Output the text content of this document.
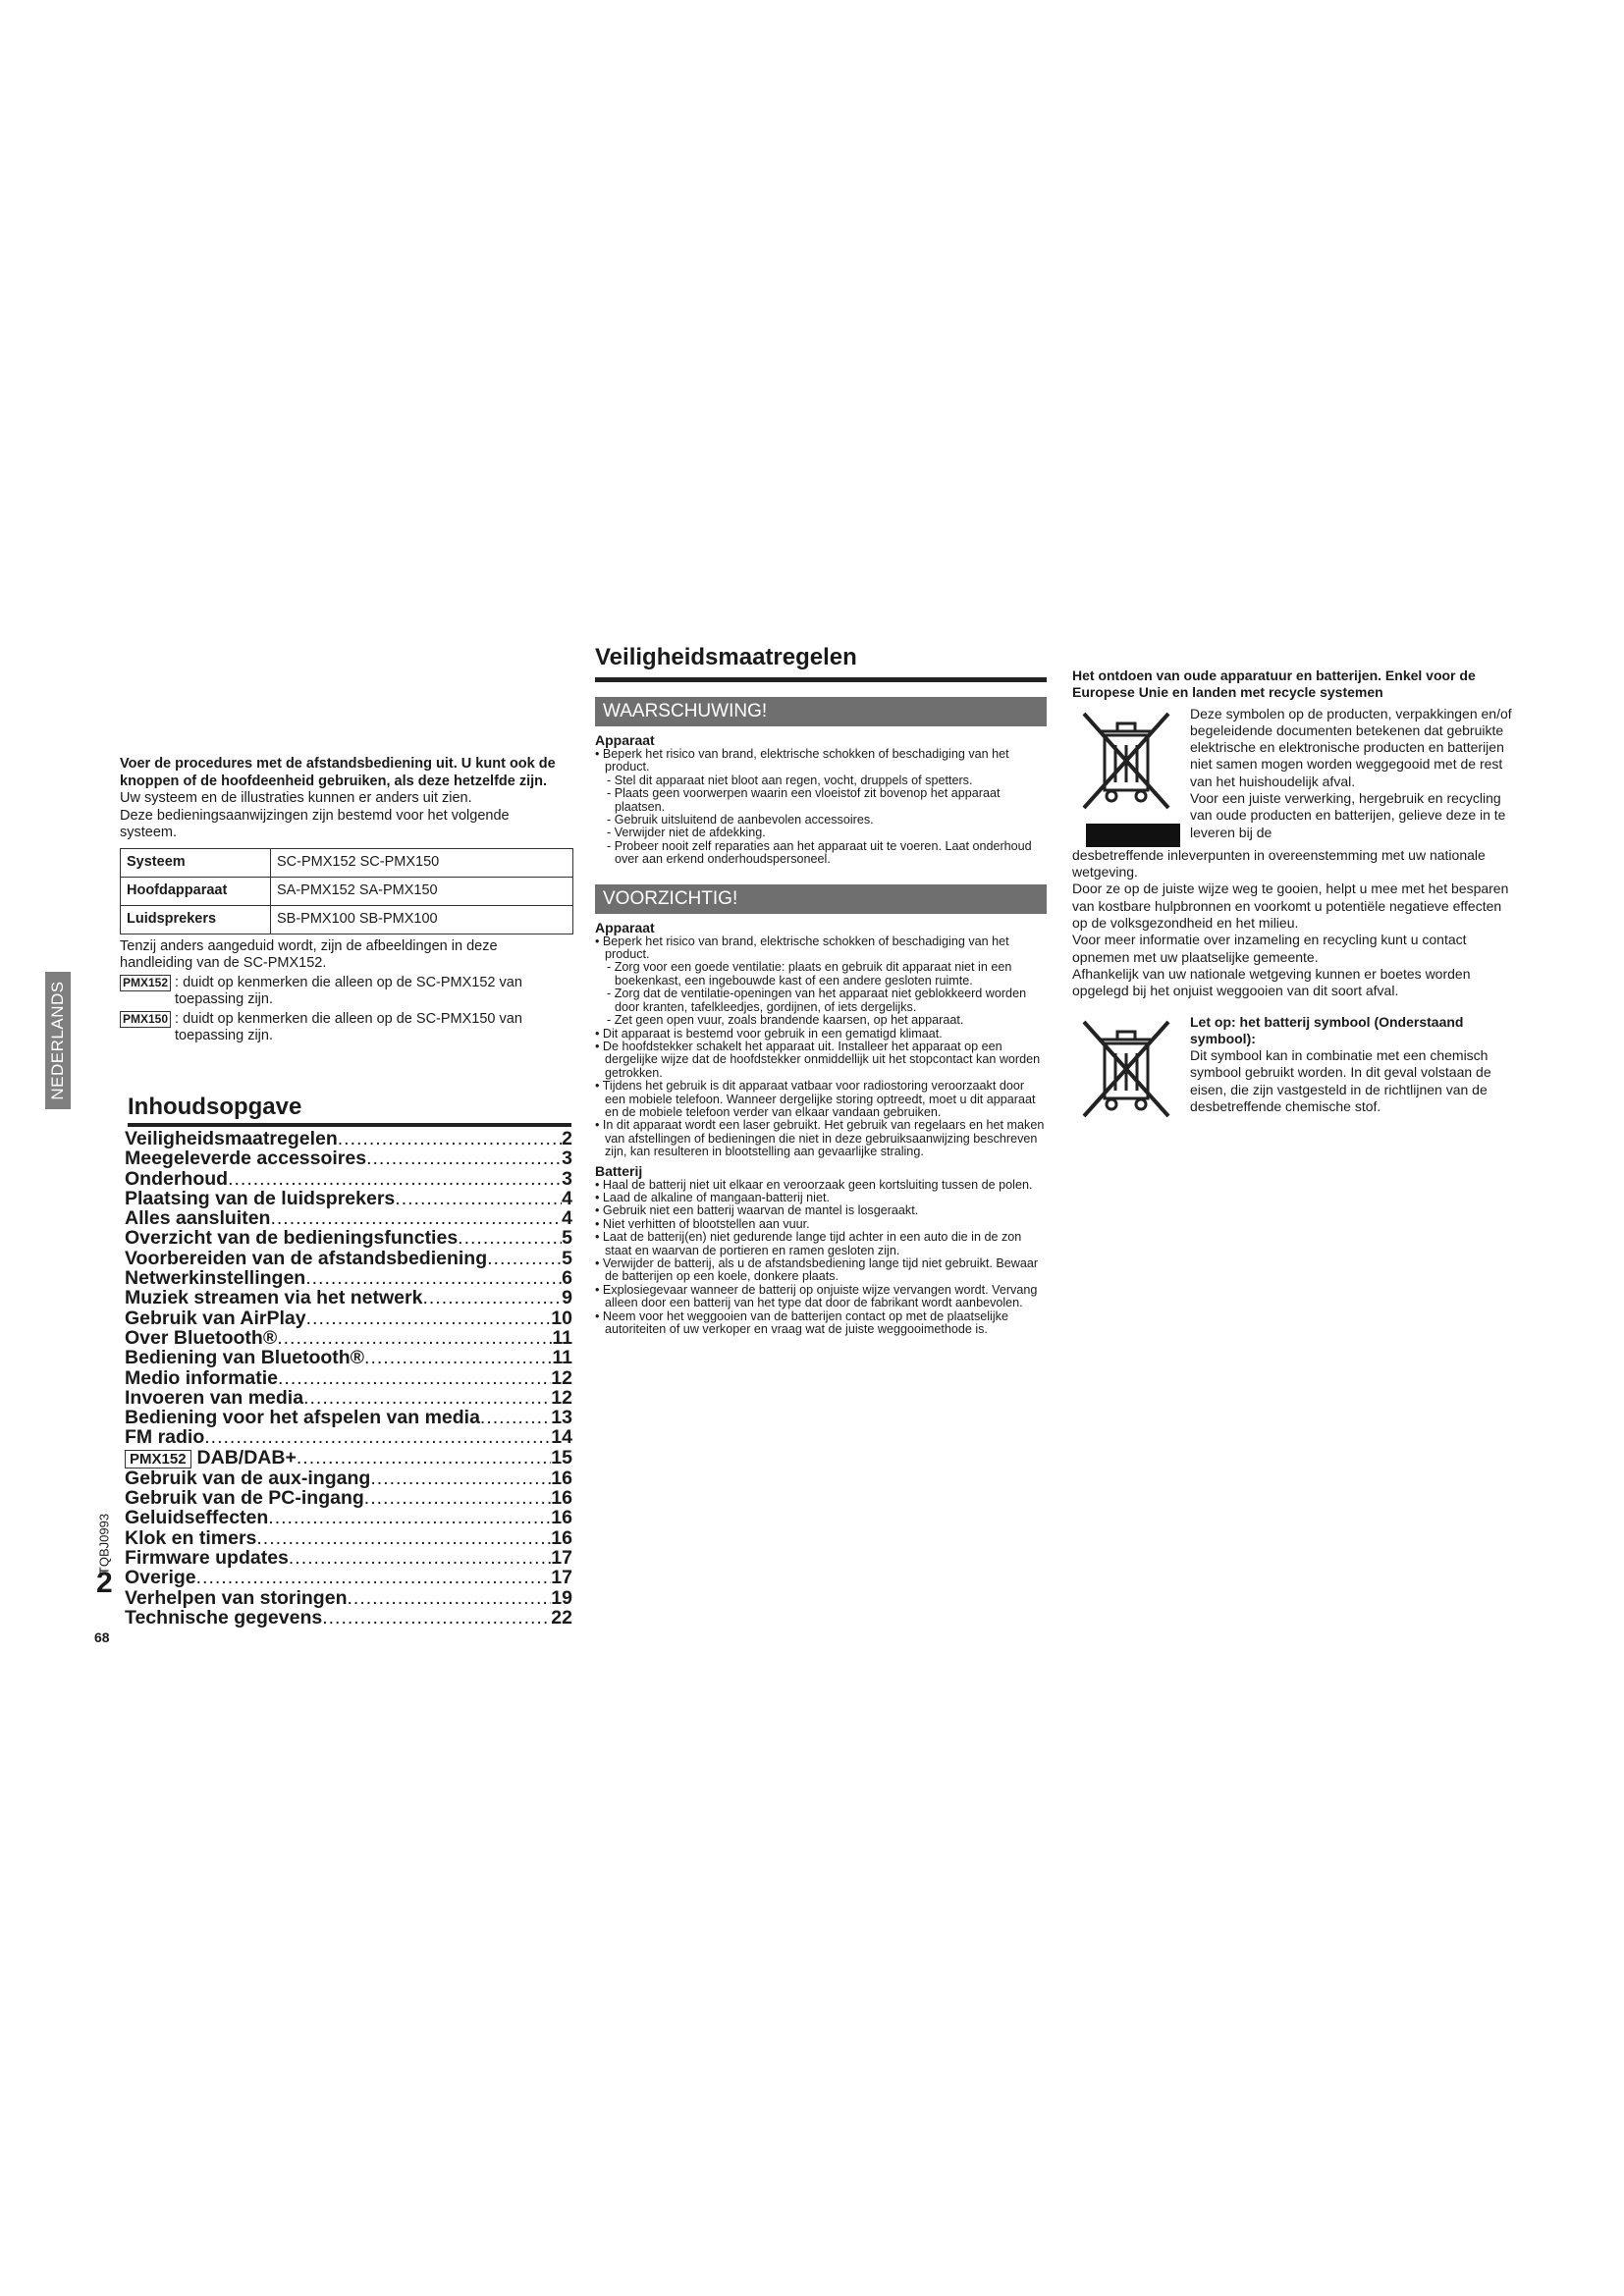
Voer de procedures met de afstandsbediening uit. U kunt ook de knoppen of de hoofdeenheid gebruiken, als deze hetzelfde zijn.

Uw systeem en de illustraties kunnen er anders uit zien.

Deze bedieningsaanwijzingen zijn bestemd voor het volgende systeem.

Systeem	SC-PMX152 SC-PMX150
Hoofdapparaat	SA-PMX152 SA-PMX150
Luidsprekers	SB-PMX100 SB-PMX100

Tenzij anders aangeduid wordt, zijn de afbeeldingen in deze handleiding van de SC-PMX152.

PMX152 : duidt op kenmerken die alleen op de SC-PMX152 van toepassing zijn.
PMX150 : duidt op kenmerken die alleen op de SC-PMX150 van toepassing zijn.
NEDERLANDS
Inhoudsopgave
Veiligheidsmaatregelen .....	2
Meegeleverde accessoires .....	3
Onderhoud .....	3
Plaatsing van de luidsprekers .....	4
Alles aansluiten .....	4
Overzicht van de bedieningsfuncties .....	5
Voorbereiden van de afstandsbediening .....	5
Netwerkinstellingen .....	6
Muziek streamen via het netwerk .....	9
Gebruik van AirPlay .....	10
Over Bluetooth® .....	11
Bediening van Bluetooth® .....	11
Medio informatie .....	12
Invoeren van media .....	12
Bediening voor het afspelen van media .....	13
FM radio .....	14
PMX152 DAB/DAB+ .....	15
Gebruik van de aux-ingang .....	16
Gebruik van de PC-ingang .....	16
Geluidseffecten .....	16
Klok en timers .....	16
Firmware updates .....	17
Overige .....	17
Verhelpen van storingen .....	19
Technische gegevens .....	22
TQBJ0993
2
68
Veiligheidsmaatregelen
WAARSCHUWING!
Apparaat

• Beperk het risico van brand, elektrische schokken of beschadiging van het product.

- Stel dit apparaat niet bloot aan regen, vocht, druppels of spetters.

- Plaats geen voorwerpen waarin een vloeistof zit bovenop het apparaat plaatsen.

- Gebruik uitsluitend de aanbevolen accessoires.

- Verwijder niet de afdekking.

- Probeer nooit zelf reparaties aan het apparaat uit te voeren. Laat onderhoud over aan erkend onderhoudspersoneel.

VOORZICHTIG!
Apparaat

• Beperk het risico van brand, elektrische schokken of beschadiging van het product.

- Zorg voor een goede ventilatie: plaats en gebruik dit apparaat niet in een boekenkast, een ingebouwde kast of een andere gesloten ruimte.

- Zorg dat de ventilatie-openingen van het apparaat niet geblokkeerd worden door kranten, tafelkleedjes, gordijnen, of iets dergelijks.

- Zet geen open vuur, zoals brandende kaarsen, op het apparaat.

• Dit apparaat is bestemd voor gebruik in een gematigd klimaat.

• De hoofdstekker schakelt het apparaat uit. Installeer het apparaat op een dergelijke wijze dat de hoofdstekker onmiddellijk uit het stopcontact kan worden getrokken.

• Tijdens het gebruik is dit apparaat vatbaar voor radiostoring veroorzaakt door een mobiele telefoon. Wanneer dergelijke storing optreedt, moet u dit apparaat en de mobiele telefoon verder van elkaar vandaan gebruiken.

• In dit apparaat wordt een laser gebruikt. Het gebruik van regelaars en het maken van afstellingen of bedieningen die niet in deze gebruiksaanwijzing beschreven zijn, kan resulteren in blootstelling aan gevaarlijke straling.

Batterij

• Haal de batterij niet uit elkaar en veroorzaak geen kortsluiting tussen de polen.

• Laad de alkaline of mangaan-batterij niet.

• Gebruik niet een batterij waarvan de mantel is losgeraakt.

• Niet verhitten of blootstellen aan vuur.

• Laat de batterij(en) niet gedurende lange tijd achter in een auto die in de zon staat en waarvan de portieren en ramen gesloten zijn.

• Verwijder de batterij, als u de afstandsbediening lange tijd niet gebruikt. Bewaar de batterijen op een koele, donkere plaats.

• Explosiegevaar wanneer de batterij op onjuiste wijze vervangen wordt. Vervang alleen door een batterij van het type dat door de fabrikant wordt aanbevolen.

• Neem voor het weggooien van de batterijen contact op met de plaatselijke autoriteiten of uw verkoper en vraag wat de juiste weggooimethode is.

Het ontdoen van oude apparatuur en batterijen. Enkel voor de Europese Unie en landen met recycle systemen

Deze symbolen op de producten, verpakkingen en/of begeleidende documenten betekenen dat gebruikte elektrische en elektronische producten en batterijen niet samen mogen worden weggegooid met de rest van het huishoudelijk afval.

Voor een juiste verwerking, hergebruik en recycling van oude producten en batterijen, gelieve deze in te leveren bij de

desbetreffende inleverpunten in overeenstemming met uw nationale wetgeving.

Door ze op de juiste wijze weg te gooien, helpt u mee met het besparen van kostbare hulpbronnen en voorkomt u potentiële negatieve effecten op de volksgezondheid en het milieu.

Voor meer informatie over inzameling en recycling kunt u contact opnemen met uw plaatselijke gemeente.

Afhankelijk van uw nationale wetgeving kunnen er boetes worden opgelegd bij het onjuist weggooien van dit soort afval.

Let op: het batterij symbool (Onderstaand symbool):

Dit symbool kan in combinatie met een chemisch symbool gebruikt worden. In dit geval volstaan de eisen, die zijn vastgesteld in de richtlijnen van de desbetreffende chemische stof.
